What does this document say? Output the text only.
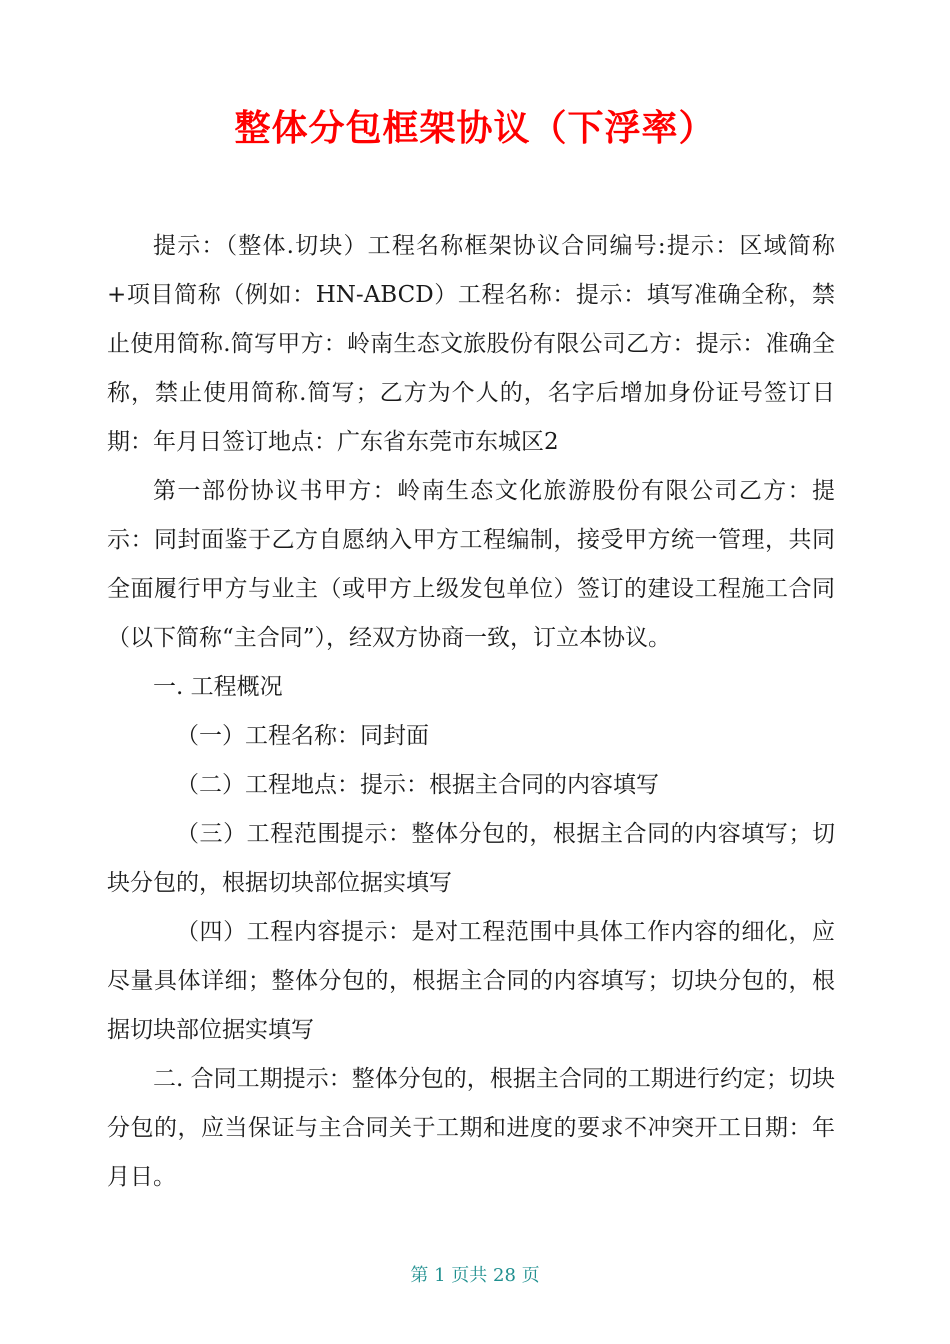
整体分包框架协议（下浮率）

提示：（整体.切块）工程名称框架协议合同编号:提示：区域简称+项目简称（例如：HN-ABCD）工程名称：提示：填写准确全称，禁止使用简称.简写甲方：岭南生态文旅股份有限公司乙方：提示：准确全称，禁止使用简称.简写；乙方为个人的，名字后增加身份证号签订日期：年月日签订地点：广东省东莞市东城区2

第一部份协议书甲方：岭南生态文化旅游股份有限公司乙方：提示：同封面鉴于乙方自愿纳入甲方工程编制，接受甲方统一管理，共同全面履行甲方与业主（或甲方上级发包单位）签订的建设工程施工合同（以下简称“主合同”），经双方协商一致，订立本协议。

一. 工程概况

（一）工程名称：同封面

（二）工程地点：提示：根据主合同的内容填写

（三）工程范围提示：整体分包的，根据主合同的内容填写；切块分包的，根据切块部位据实填写

（四）工程内容提示：是对工程范围中具体工作内容的细化，应尽量具体详细；整体分包的，根据主合同的内容填写；切块分包的，根据切块部位据实填写

二. 合同工期提示：整体分包的，根据主合同的工期进行约定；切块分包的，应当保证与主合同关于工期和进度的要求不冲突开工日期：年月日。

第 1 页共 28 页
